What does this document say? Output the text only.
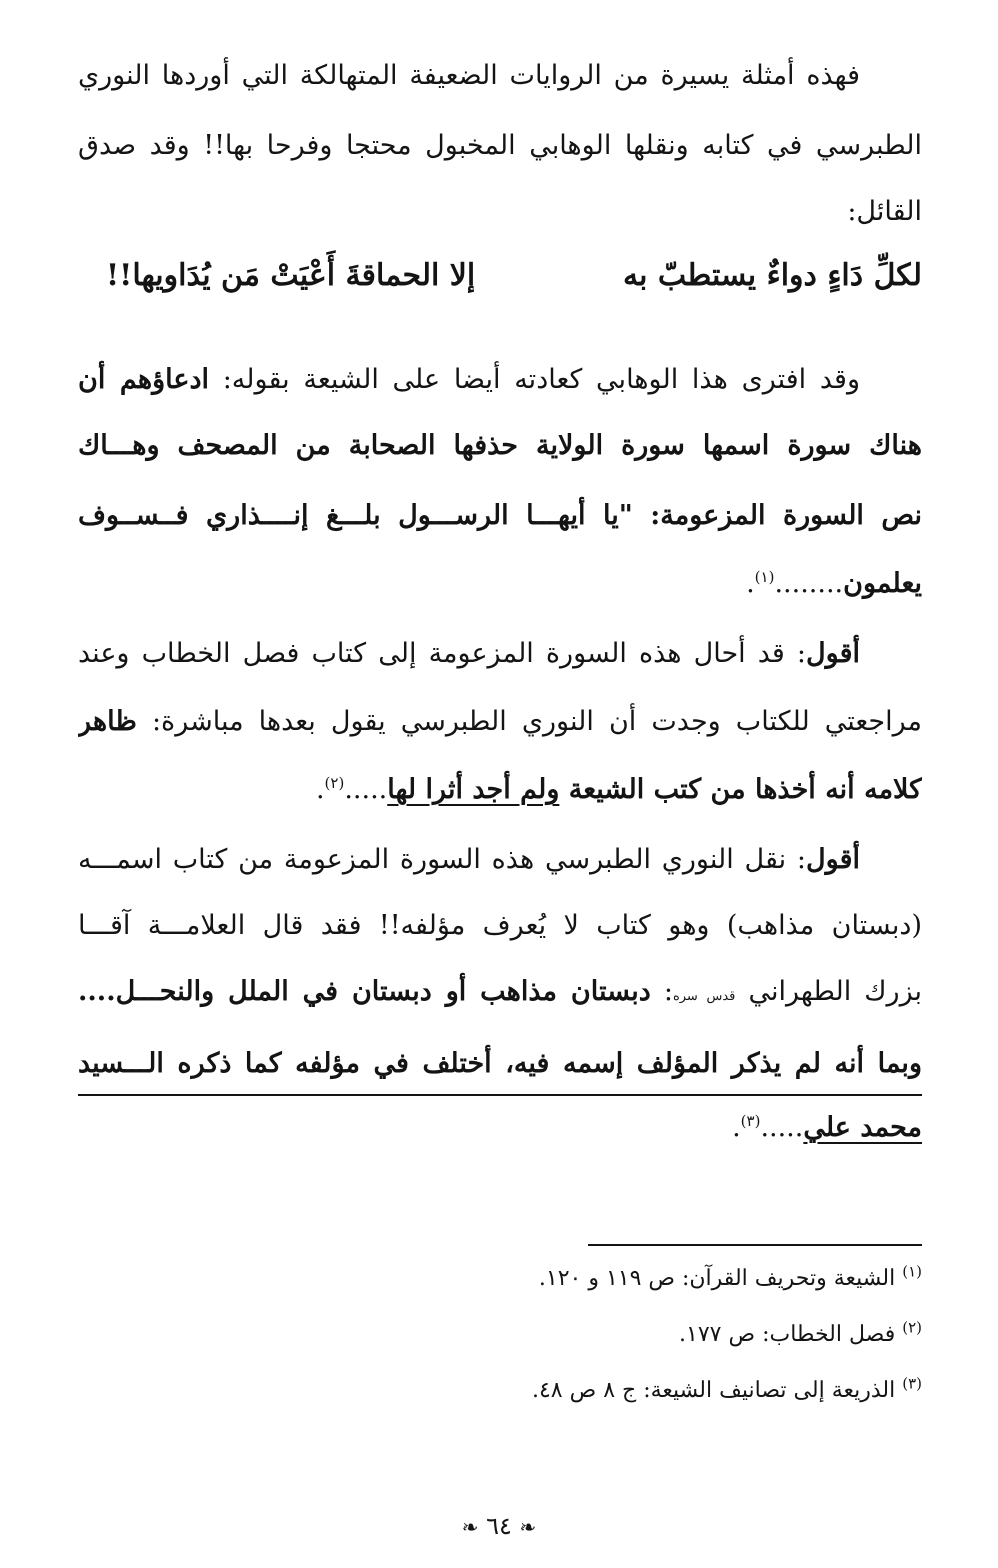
فهذه أمثلة يسيرة من الروايات الضعيفة المتهالكة التي أوردها النوري
الطبرسي في كتابه ونقلها الوهابي المخبول محتجا وفرحا بها!! وقد صدق
القائل:
لكلِّ دَاءٍ دواءٌ يستطبّ به
إلا الحماقةَ أَعْيَتْ مَن يُدَاويها!!
وقد افترى هذا الوهابي كعادته أيضا على الشيعة بقوله: ادعاؤهم أن
هناك سورة اسمها سورة الولاية حذفها الصحابة من المصحف وهـــاك
نص السورة المزعومة: "يا أيهـــا الرســـول بلـــغ إنــــذاري فــســوف
يعلمون........$^{(١)}$.
أقول: قد أحال هذه السورة المزعومة إلى كتاب فصل الخطاب وعند
مراجعتي للكتاب وجدت أن النوري الطبرسي يقول بعدها مباشرة: ظاهر
كلامه أنه أخذها من كتب الشيعة ولم أجد أثرا لها.....$^{(٢)}$.
أقول: نقل النوري الطبرسي هذه السورة المزعومة من كتاب اسمـــه
(دبستان مذاهب) وهو كتاب لا يُعرف مؤلفه!! فقد قال العلامـــة آقـــا
بزرك الطهراني قدس سره: دبستان مذاهب أو دبستان في الملل والنحـــل....
وبما أنه لم يذكر المؤلف إسمه فيه، أختلف في مؤلفه كما ذكره الـــسيد
محمد علي.....$^{(٣)}$.
$^{(١)}$ الشيعة وتحريف القرآن: ص ١١٩ و ١٢٠.
$^{(٢)}$ فصل الخطاب: ص ١٧٧.
$^{(٣)}$ الذريعة إلى تصانيف الشيعة: ج ٨ ص ٤٨.
❧ ٦٤ ❧
